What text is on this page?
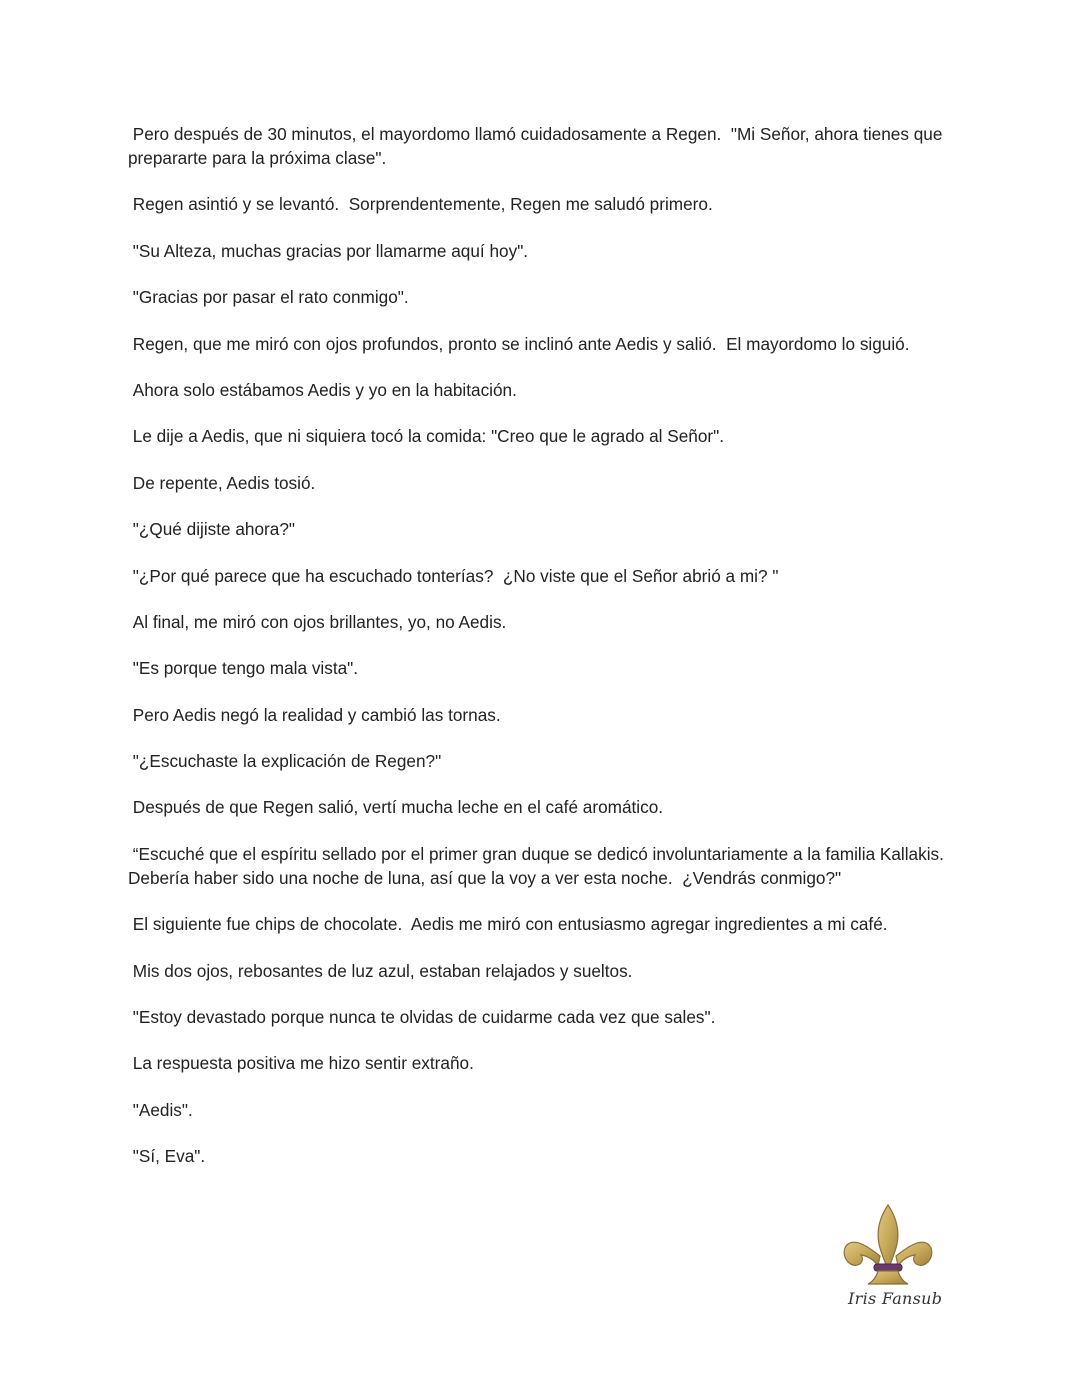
Pero después de 30 minutos, el mayordomo llamó cuidadosamente a Regen.  "Mi Señor, ahora tienes que prepararte para la próxima clase".

Regen asintió y se levantó.  Sorprendentemente, Regen me saludó primero.

"Su Alteza, muchas gracias por llamarme aquí hoy".

"Gracias por pasar el rato conmigo".

Regen, que me miró con ojos profundos, pronto se inclinó ante Aedis y salió.  El mayordomo lo siguió.

Ahora solo estábamos Aedis y yo en la habitación.

Le dije a Aedis, que ni siquiera tocó la comida: "Creo que le agrado al Señor".

De repente, Aedis tosió.

"¿Qué dijiste ahora?"

"¿Por qué parece que ha escuchado tonterías?  ¿No viste que el Señor abrió a mi? "

Al final, me miró con ojos brillantes, yo, no Aedis.

"Es porque tengo mala vista".

Pero Aedis negó la realidad y cambió las tornas.

"¿Escuchaste la explicación de Regen?"

Después de que Regen salió, vertí mucha leche en el café aromático.

“Escuché que el espíritu sellado por el primer gran duque se dedicó involuntariamente a la familia Kallakis.  Debería haber sido una noche de luna, así que la voy a ver esta noche.  ¿Vendrás conmigo?"

El siguiente fue chips de chocolate.  Aedis me miró con entusiasmo agregar ingredientes a mi café.

Mis dos ojos, rebosantes de luz azul, estaban relajados y sueltos.

"Estoy devastado porque nunca te olvidas de cuidarme cada vez que sales".

La respuesta positiva me hizo sentir extraño.

"Aedis".

"Sí, Eva".

Iris Fansub
